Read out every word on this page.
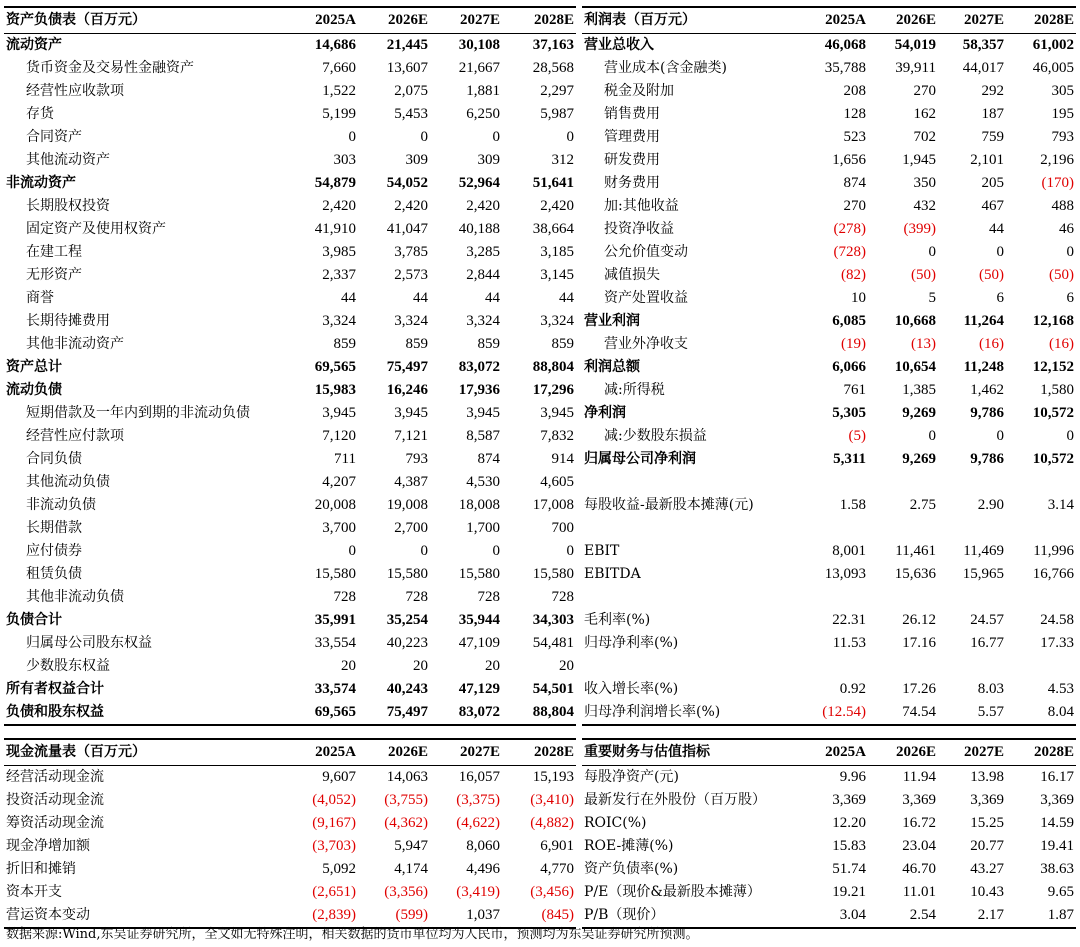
资产负债表（百万元）	2025A	2026E	2027E	2028E
流动资产	14,686	21,445	30,108	37,163
货币资金及交易性金融资产	7,660	13,607	21,667	28,568
经营性应收款项	1,522	2,075	1,881	2,297
存货	5,199	5,453	6,250	5,987
合同资产	0	0	0	0
其他流动资产	303	309	309	312
非流动资产	54,879	54,052	52,964	51,641
长期股权投资	2,420	2,420	2,420	2,420
固定资产及使用权资产	41,910	41,047	40,188	38,664
在建工程	3,985	3,785	3,285	3,185
无形资产	2,337	2,573	2,844	3,145
商誉	44	44	44	44
长期待摊费用	3,324	3,324	3,324	3,324
其他非流动资产	859	859	859	859
资产总计	69,565	75,497	83,072	88,804
流动负债	15,983	16,246	17,936	17,296
短期借款及一年内到期的非流动负债	3,945	3,945	3,945	3,945
经营性应付款项	7,120	7,121	8,587	7,832
合同负债	711	793	874	914
其他流动负债	4,207	4,387	4,530	4,605
非流动负债	20,008	19,008	18,008	17,008
长期借款	3,700	2,700	1,700	700
应付债券	0	0	0	0
租赁负债	15,580	15,580	15,580	15,580
其他非流动负债	728	728	728	728
负债合计	35,991	35,254	35,944	34,303
归属母公司股东权益	33,554	40,223	47,109	54,481
少数股东权益	20	20	20	20
所有者权益合计	33,574	40,243	47,129	54,501
负债和股东权益	69,565	75,497	83,072	88,804
利润表（百万元）	2025A	2026E	2027E	2028E
营业总收入	46,068	54,019	58,357	61,002
营业成本(含金融类)	35,788	39,911	44,017	46,005
税金及附加	208	270	292	305
销售费用	128	162	187	195
管理费用	523	702	759	793
研发费用	1,656	1,945	2,101	2,196
财务费用	874	350	205	(170)
加:其他收益	270	432	467	488
投资净收益	(278)	(399)	44	46
公允价值变动	(728)	0	0	0
减值损失	(82)	(50)	(50)	(50)
资产处置收益	10	5	6	6
营业利润	6,085	10,668	11,264	12,168
营业外净收支	(19)	(13)	(16)	(16)
利润总额	6,066	10,654	11,248	12,152
减:所得税	761	1,385	1,462	1,580
净利润	5,305	9,269	9,786	10,572
减:少数股东损益	(5)	0	0	0
归属母公司净利润	5,311	9,269	9,786	10,572

每股收益-最新股本摊薄(元)	1.58	2.75	2.90	3.14

EBIT	8,001	11,461	11,469	11,996
EBITDA	13,093	15,636	15,965	16,766

毛利率(%)	22.31	26.12	24.57	24.58
归母净利率(%)	11.53	17.16	16.77	17.33

收入增长率(%)	0.92	17.26	8.03	4.53
归母净利润增长率(%)	(12.54)	74.54	5.57	8.04
现金流量表（百万元）	2025A	2026E	2027E	2028E
经营活动现金流	9,607	14,063	16,057	15,193
投资活动现金流	(4,052)	(3,755)	(3,375)	(3,410)
筹资活动现金流	(9,167)	(4,362)	(4,622)	(4,882)
现金净增加额	(3,703)	5,947	8,060	6,901
折旧和摊销	5,092	4,174	4,496	4,770
资本开支	(2,651)	(3,356)	(3,419)	(3,456)
营运资本变动	(2,839)	(599)	1,037	(845)
重要财务与估值指标	2025A	2026E	2027E	2028E
每股净资产(元)	9.96	11.94	13.98	16.17
最新发行在外股份（百万股）	3,369	3,369	3,369	3,369
ROIC(%)	12.20	16.72	15.25	14.59
ROE-摊薄(%)	15.83	23.04	20.77	19.41
资产负债率(%)	51.74	46.70	43.27	38.63
P/E（现价&最新股本摊薄）	19.21	11.01	10.43	9.65
P/B（现价）	3.04	2.54	2.17	1.87
数据来源:Wind,东吴证券研究所，全文如无特殊注明，相关数据的货币单位均为人民币，预测均为东吴证券研究所预测。
